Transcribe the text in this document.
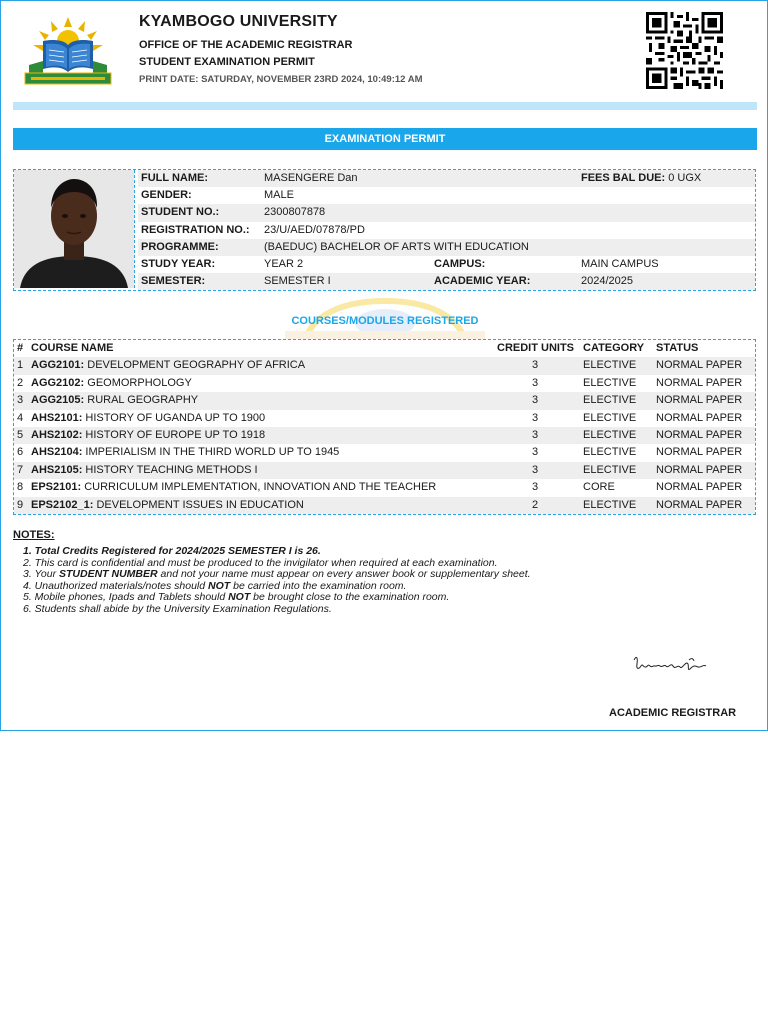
KYAMBOGO UNIVERSITY
OFFICE OF THE ACADEMIC REGISTRAR
STUDENT EXAMINATION PERMIT
PRINT DATE: SATURDAY, NOVEMBER 23RD 2024, 10:49:12 AM
EXAMINATION PERMIT
FULL NAME:	MASENGERE Dan	FEES BAL DUE: 0 UGX
GENDER:	MALE
STUDENT NO.:	2300807878
REGISTRATION NO.: 23/U/AED/07878/PD
PROGRAMME:	(BAEDUC) BACHELOR OF ARTS WITH EDUCATION
STUDY YEAR:	YEAR 2	CAMPUS:	MAIN CAMPUS
SEMESTER:	SEMESTER I	ACADEMIC YEAR:	2024/2025
COURSES/MODULES REGISTERED
# COURSE NAME	CREDIT UNITS CATEGORY STATUS
1 AGG2101: DEVELOPMENT GEOGRAPHY OF AFRICA	3	ELECTIVE NORMAL PAPER
2 AGG2102: GEOMORPHOLOGY	3	ELECTIVE NORMAL PAPER
3 AGG2105: RURAL GEOGRAPHY	3	ELECTIVE NORMAL PAPER
4 AHS2101: HISTORY OF UGANDA UP TO 1900	3	ELECTIVE NORMAL PAPER
5 AHS2102: HISTORY OF EUROPE UP TO 1918	3	ELECTIVE NORMAL PAPER
6 AHS2104: IMPERIALISM IN THE THIRD WORLD UP TO 1945	3	ELECTIVE NORMAL PAPER
7 AHS2105: HISTORY TEACHING METHODS I	3	ELECTIVE NORMAL PAPER
8 EPS2101: CURRICULUM IMPLEMENTATION, INNOVATION AND THE TEACHER	3	CORE	NORMAL PAPER
9 EPS2102_1: DEVELOPMENT ISSUES IN EDUCATION	2	ELECTIVE NORMAL PAPER
NOTES:
1. Total Credits Registered for 2024/2025 SEMESTER I is 26.
2. This card is confidential and must be produced to the invigilator when required at each examination.
3. Your STUDENT NUMBER and not your name must appear on every answer book or supplementary sheet.
4. Unauthorized materials/notes should NOT be carried into the examination room.
5. Mobile phones, Ipads and Tablets should NOT be brought close to the examination room.
6. Students shall abide by the University Examination Regulations.
ACADEMIC REGISTRAR
